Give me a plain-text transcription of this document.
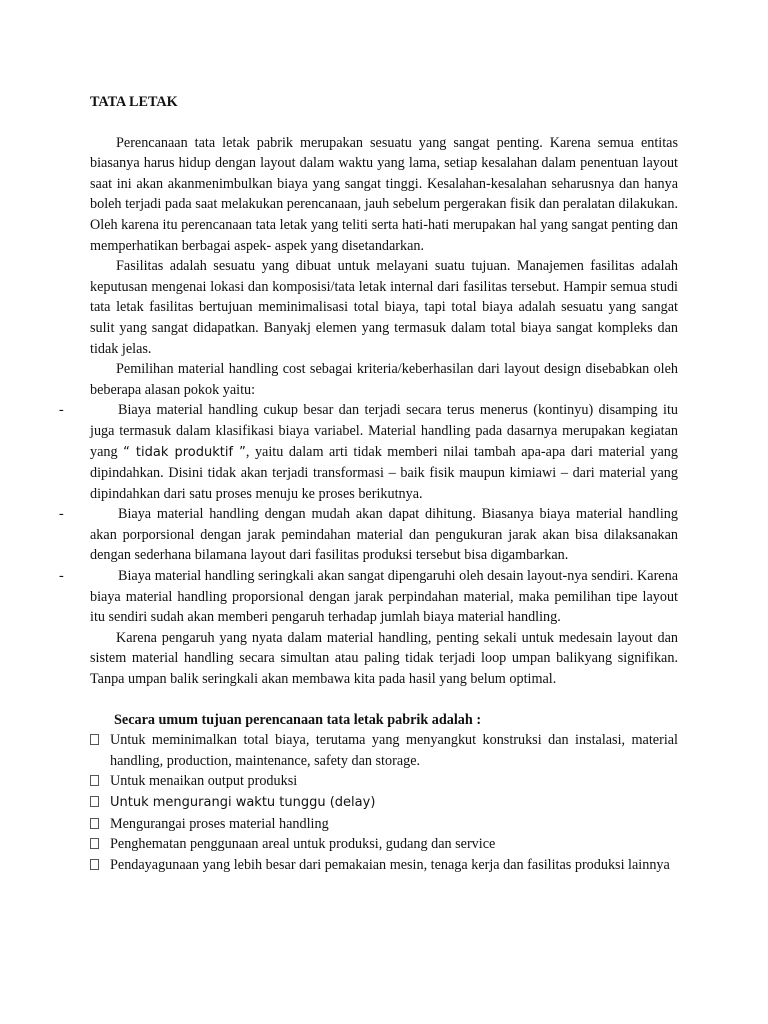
TATA LETAK

Perencanaan tata letak pabrik merupakan sesuatu yang sangat penting. Karena semua entitas biasanya harus hidup dengan layout dalam waktu yang lama, setiap kesalahan dalam penentuan layout saat ini akan akanmenimbulkan biaya yang sangat tinggi. Kesalahan-kesalahan seharusnya dan hanya boleh terjadi pada saat melakukan perencanaan, jauh sebelum pergerakan fisik dan peralatan dilakukan. Oleh karena itu perencanaan tata letak yang teliti serta hati-hati merupakan hal yang sangat penting dan memperhatikan berbagai aspek- aspek yang disetandarkan.

Fasilitas adalah sesuatu yang dibuat untuk melayani suatu tujuan. Manajemen fasilitas adalah keputusan mengenai lokasi dan komposisi/tata letak internal dari fasilitas tersebut. Hampir semua studi tata letak fasilitas bertujuan meminimalisasi total biaya, tapi total biaya adalah sesuatu yang sangat sulit yang sangat didapatkan. Banyakj elemen yang termasuk dalam total biaya sangat kompleks dan tidak jelas.

Pemilihan material handling cost sebagai kriteria/keberhasilan dari layout design disebabkan oleh beberapa alasan pokok yaitu:

-	Biaya material handling cukup besar dan terjadi secara terus menerus (kontinyu) disamping itu juga termasuk dalam klasifikasi biaya variabel. Material handling pada dasarnya merupakan kegiatan yang “ tidak produktif ”, yaitu dalam arti tidak memberi nilai tambah apa-apa dari material yang dipindahkan. Disini tidak akan terjadi transformasi – baik fisik maupun kimiawi – dari material yang dipindahkan dari satu proses menuju ke proses berikutnya.

-	Biaya material handling dengan mudah akan dapat dihitung. Biasanya biaya material handling akan porporsional dengan jarak pemindahan material dan pengukuran jarak akan bisa dilaksanakan dengan sederhana bilamana layout dari fasilitas produksi tersebut bisa digambarkan.

-	Biaya material handling seringkali akan sangat dipengaruhi oleh desain layout-nya sendiri. Karena biaya material handling proporsional dengan jarak perpindahan material, maka pemilihan tipe layout itu sendiri sudah akan memberi pengaruh terhadap jumlah biaya material handling.

Karena pengaruh yang nyata dalam material handling, penting sekali untuk medesain layout dan sistem material handling secara simultan atau paling tidak terjadi loop umpan balikyang signifikan. Tanpa umpan balik seringkali akan membawa kita pada hasil yang belum optimal.

Secara umum tujuan perencanaan tata letak pabrik adalah :

Untuk meminimalkan total biaya, terutama yang menyangkut konstruksi dan instalasi, material handling, production, maintenance, safety dan storage.
Untuk menaikan output produksi
Untuk mengurangi waktu tunggu (delay)
Mengurangai proses material handling
Penghematan penggunaan areal untuk produksi, gudang dan service
Pendayagunaan yang lebih besar dari pemakaian mesin, tenaga kerja dan fasilitas produksi lainnya
